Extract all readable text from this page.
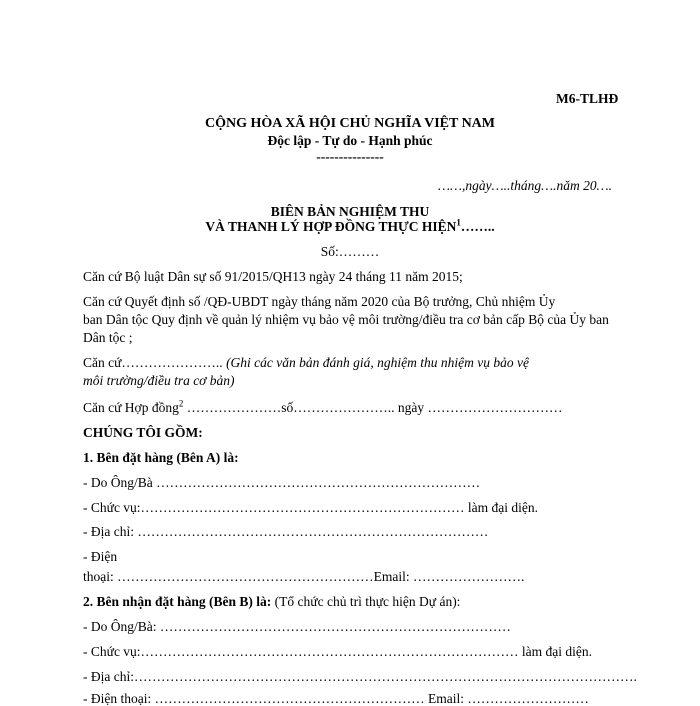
M6-TLHĐ
CỘNG HÒA XÃ HỘI CHỦ NGHĨA VIỆT NAM
Độc lập - Tự do - Hạnh phúc
---------------
……,ngày…..tháng….năm 20….
BIÊN BẢN NGHIỆM THU
VÀ THANH LÝ HỢP ĐỒNG THỰC HIỆN$^1$……..
Số:………
Căn cứ Bộ luật Dân sự số 91/2015/QH13 ngày 24 tháng 11 năm 2015;
Căn cứ Quyết định số /QĐ-UBDT ngày tháng năm 2020 của Bộ trưởng, Chủ nhiệm Ủy
ban Dân tộc Quy định về quản lý nhiệm vụ bảo vệ môi trường/điều tra cơ bản cấp Bộ của Ủy ban
Dân tộc ;
Căn cứ………………….. (Ghi các văn bản đánh giá, nghiệm thu nhiệm vụ bảo vệ
môi trường/điều tra cơ bản)
Căn cứ Hợp đồng$^2$ …………………số………………….. ngày …………………………
CHÚNG TÔI GỒM:
1. Bên đặt hàng (Bên A) là:
- Do Ông/Bà ………………………………………………………………
- Chức vụ:……………………………………………………………… làm đại diện.
- Địa chỉ: ……………………………………………………………………
- Điện
thoại: …………………………………………………Email: …………………….
2. Bên nhận đặt hàng (Bên B) là: (Tổ chức chủ trì thực hiện Dự án):
- Do Ông/Bà: ……………………………………………………………………
- Chức vụ:………………………………………………………………………… làm đại diện.
- Địa chỉ:………………………………………………………………………………………………….
- Điện thoại: …………………………………………………… Email: ………………………
